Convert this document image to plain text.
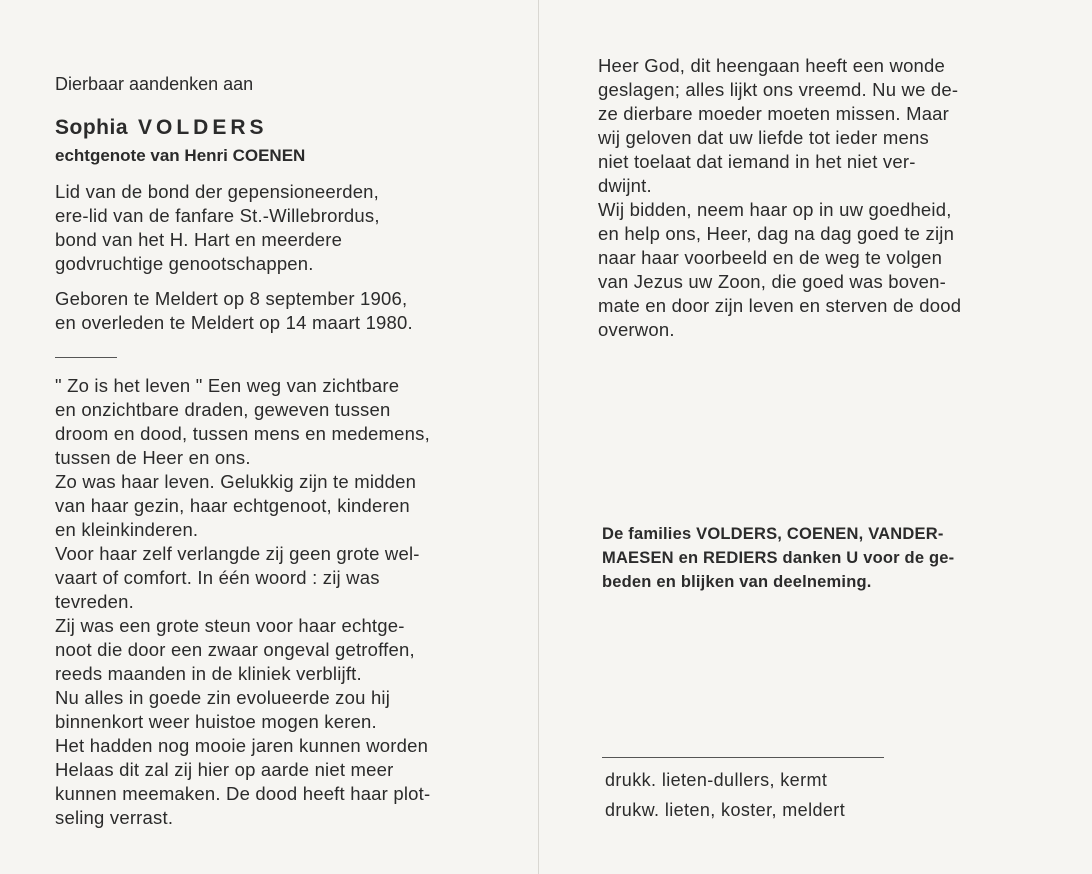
Dierbaar aandenken aan
Sophia VOLDERS
echtgenote van Henri COENEN
Lid van de bond der gepensioneerden,
ere-lid van de fanfare St.-Willebrordus,
bond van het H. Hart en meerdere
godvruchtige genootschappen.
Geboren te Meldert op 8 september 1906,
en overleden te Meldert op 14 maart 1980.
" Zo is het leven " Een weg van zichtbare
en onzichtbare draden, geweven tussen
droom en dood, tussen mens en medemens,
tussen de Heer en ons.
Zo was haar leven. Gelukkig zijn te midden
van haar gezin, haar echtgenoot, kinderen
en kleinkinderen.
Voor haar zelf verlangde zij geen grote wel-
vaart of comfort. In één woord : zij was
tevreden.
Zij was een grote steun voor haar echtge-
noot die door een zwaar ongeval getroffen,
reeds maanden in de kliniek verblijft.
Nu alles in goede zin evolueerde zou hij
binnenkort weer huistoe mogen keren.
Het hadden nog mooie jaren kunnen worden
Helaas dit zal zij hier op aarde niet meer
kunnen meemaken. De dood heeft haar plot-
seling verrast.
Heer God, dit heengaan heeft een wonde
geslagen; alles lijkt ons vreemd. Nu we de-
ze dierbare moeder moeten missen. Maar
wij geloven dat uw liefde tot ieder mens
niet toelaat dat iemand in het niet ver-
dwijnt.
Wij bidden, neem haar op in uw goedheid,
en help ons, Heer, dag na dag goed te zijn
naar haar voorbeeld en de weg te volgen
van Jezus uw Zoon, die goed was boven-
mate en door zijn leven en sterven de dood
overwon.
De families VOLDERS, COENEN, VANDER-
MAESEN en REDIERS danken U voor de ge-
beden en blijken van deelneming.
drukk. lieten-dullers, kermt
drukw. lieten, koster, meldert
